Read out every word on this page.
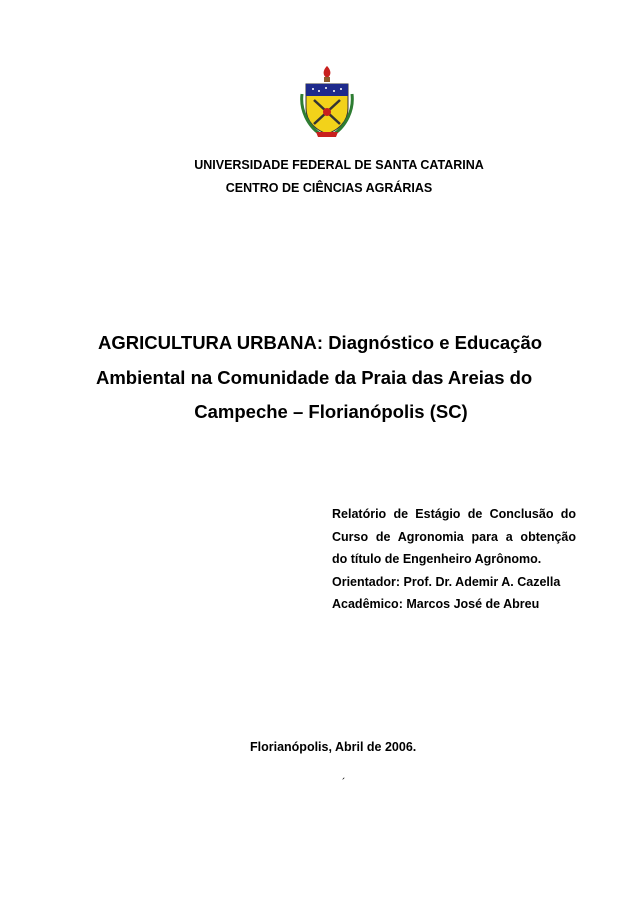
UNIVERSIDADE FEDERAL DE SANTA CATARINA
CENTRO DE CIÊNCIAS AGRÁRIAS
AGRICULTURA URBANA: Diagnóstico e Educação
Ambiental na Comunidade da Praia das Areias do
Campeche – Florianópolis (SC)
Relatório de Estágio de Conclusão do
Curso de Agronomia para a obtenção
do título de Engenheiro Agrônomo.
Orientador: Prof. Dr. Ademir A. Cazella
Acadêmico: Marcos José de Abreu
Florianópolis, Abril de 2006.
´
